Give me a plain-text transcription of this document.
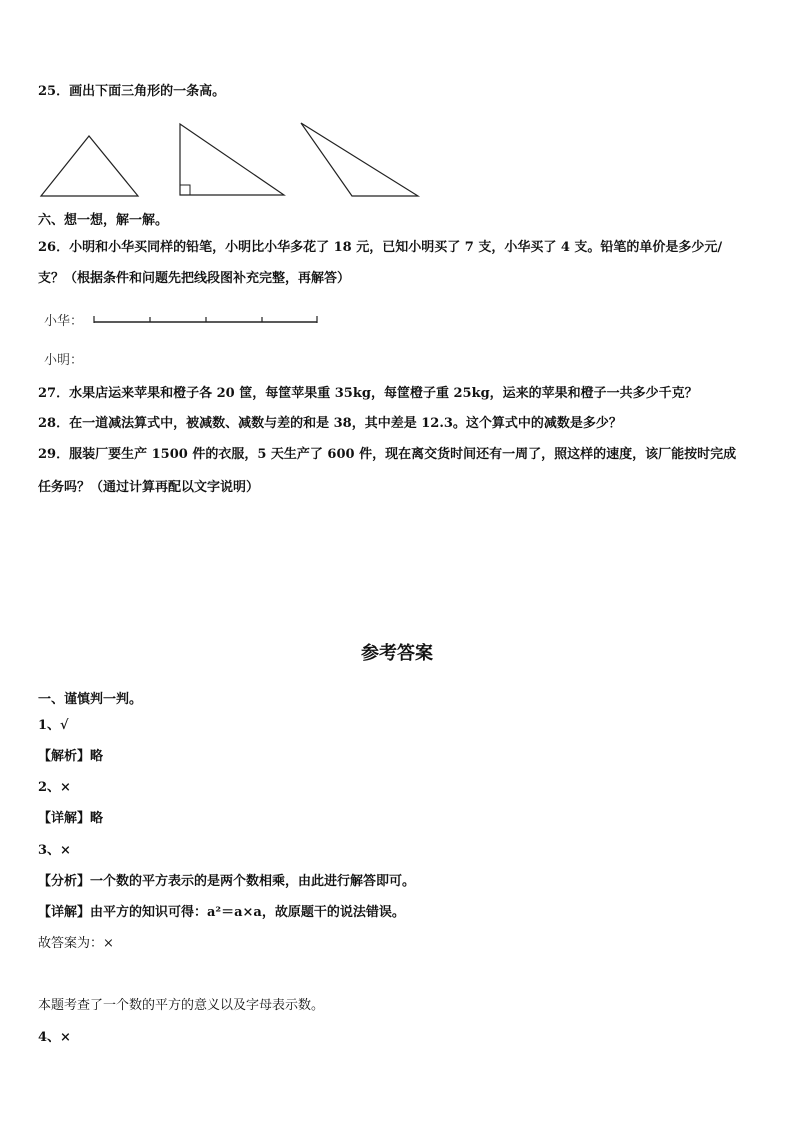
25．画出下面三角形的一条高。
六、想一想，解一解。
26．小明和小华买同样的铅笔，小明比小华多花了 18 元，已知小明买了 7 支，小华买了 4 支。铅笔的单价是多少元/
支？（根据条件和问题先把线段图补充完整，再解答）
小华：
小明：
27．水果店运来苹果和橙子各 20 筐，每筐苹果重 35kg，每筐橙子重 25kg，运来的苹果和橙子一共多少千克？
28．在一道减法算式中，被减数、减数与差的和是 38，其中差是 12.3。这个算式中的减数是多少？
29．服装厂要生产 1500 件的衣服，5 天生产了 600 件，现在离交货时间还有一周了，照这样的速度，该厂能按时完成
任务吗？（通过计算再配以文字说明）
参考答案
一、谨慎判一判。
1、√
【解析】略
2、×
【详解】略
3、×
【分析】一个数的平方表示的是两个数相乘，由此进行解答即可。
【详解】由平方的知识可得：a²＝a×a，故原题干的说法错误。
故答案为：×
本题考查了一个数的平方的意义以及字母表示数。
4、×
